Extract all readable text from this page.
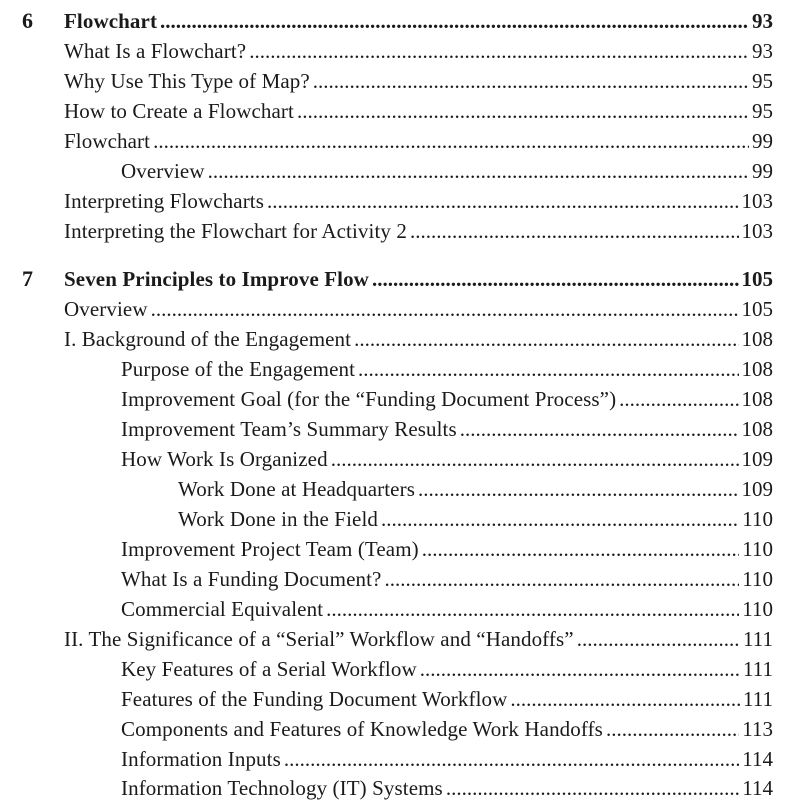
6 Flowchart .....	93
What Is a Flowchart? .....	93
Why Use This Type of Map? .....	95
How to Create a Flowchart .....	95
Flowchart .....	99
Overview .....	99
Interpreting Flowcharts .....	103
Interpreting the Flowchart for Activity 2 .....	103
7 Seven Principles to Improve Flow .....	105
Overview .....	105
I. Background of the Engagement .....	108
Purpose of the Engagement .....	108
Improvement Goal (for the “Funding Document Process”) .....	108
Improvement Team’s Summary Results .....	108
How Work Is Organized .....	109
Work Done at Headquarters .....	109
Work Done in the Field .....	110
Improvement Project Team (Team) .....	110
What Is a Funding Document? .....	110
Commercial Equivalent .....	110
II. The Significance of a “Serial” Workflow and “Handoffs” .....	111
Key Features of a Serial Workflow .....	111
Features of the Funding Document Workflow .....	111
Components and Features of Knowledge Work Handoffs .....	113
Information Inputs .....	114
Information Technology (IT) Systems .....	114
